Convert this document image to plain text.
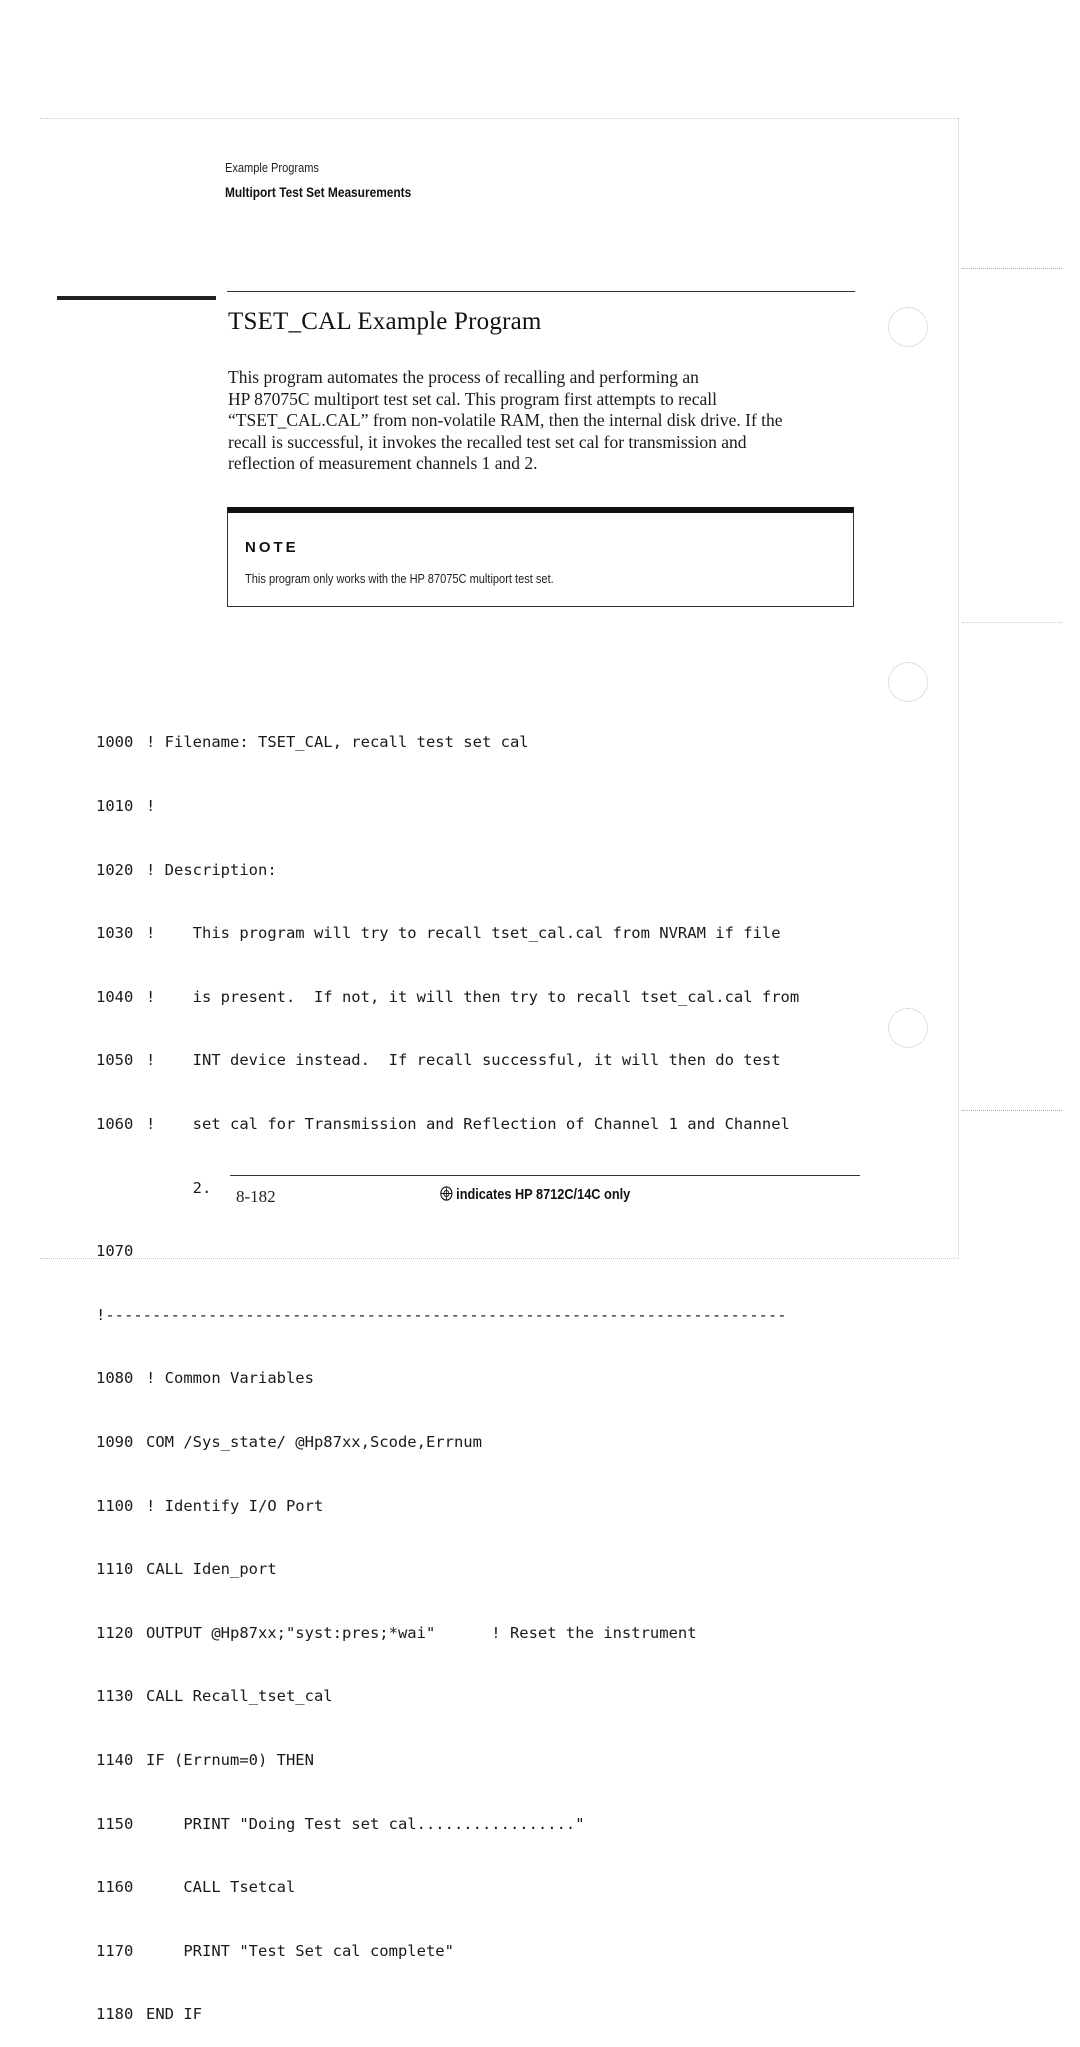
Example Programs
Multiport Test Set Measurements
TSET_CAL Example Program
This program automates the process of recalling and performing an
HP 87075C multiport test set cal. This program first attempts to recall
“TSET_CAL.CAL” from non-volatile RAM, then the internal disk drive. If the
recall is successful, it invokes the recalled test set cal for transmission and
reflection of measurement channels 1 and 2.
NOTE
This program only works with the HP 87075C multiport test set.

1000 ! Filename: TSET_CAL, recall test set cal

1010 !

1020 ! Description:

1030 !    This program will try to recall tset_cal.cal from NVRAM if file

1040 !    is present.  If not, it will then try to recall tset_cal.cal from

1050 !    INT device instead.  If recall successful, it will then do test

1060 !    set cal for Transmission and Reflection of Channel 1 and Channel

2.

1070

!-------------------------------------------------------------------------

1080 ! Common Variables

1090 COM /Sys_state/ @Hp87xx,Scode,Errnum

1100 ! Identify I/O Port

1110 CALL Iden_port

1120 OUTPUT @Hp87xx;"syst:pres;*wai"      ! Reset the instrument

1130 CALL Recall_tset_cal

1140 IF (Errnum=0) THEN

1150    PRINT "Doing Test set cal................."

1160    CALL Tsetcal

1170    PRINT "Test Set cal complete"

1180 END IF

8-182	indicates HP 8712C/14C only
